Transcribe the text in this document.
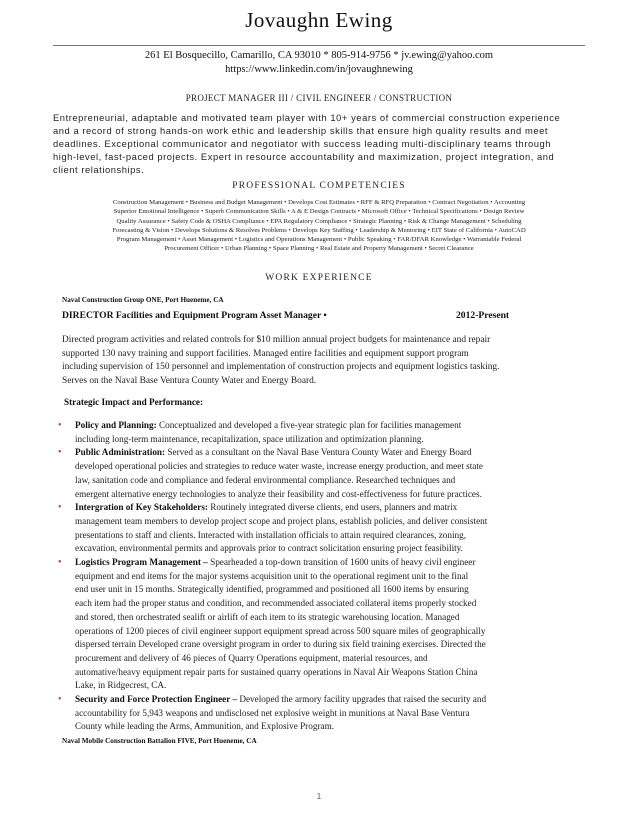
Jovaughn Ewing
261 El Bosquecillo, Camarillo, CA 93010 * 805-914-9756 * jv.ewing@yahoo.com
https://www.linkedin.com/in/jovaughnewing
PROJECT MANAGER III / CIVIL ENGINEER / CONSTRUCTION
Entrepreneurial, adaptable and motivated team player with 10+ years of commercial construction experience
and a record of strong hands-on work ethic and leadership skills that ensure high quality results and meet
deadlines. Exceptional communicator and negotiator with success leading multi-disciplinary teams through
high-level, fast-paced projects. Expert in resource accountability and maximization, project integration, and
client relationships.
PROFESSIONAL COMPETENCIES
Construction Management • Business and Budget Management • Develops Cost Estimates • RFF & RFQ Preparation • Contract Negotiation • Accounting
Superior Emotional Intelligence • Superb Communication Skills • A & E Design Contracts • Microsoft Office • Technical Specifications • Design Review
Quality Assurance • Safety Code & OSHA Compliance • EPA Regulatory Compliance • Strategic Planning • Risk & Change Management • Scheduling
Forecasting & Vision • Develops Solutions & Resolves Problems • Develops Key Staffing • Leadership & Mentoring • EIT State of California • AutoCAD
Program Management • Asset Management • Logistics and Operations Management • Public Speaking • FAR/DFAR Knowledge • Warrantable Federal
Procurement Officer • Urban Planning • Space Planning • Real Estate and Property Management • Secret Clearance
WORK EXPERIENCE
Naval Construction Group ONE, Port Hueneme, CA
DIRECTOR Facilities and Equipment Program Asset Manager •	2012-Present
Directed program activities and related controls for $10 million annual project budgets for maintenance and repair
supported 130 navy training and support facilities. Managed entire facilities and equipment support program
including supervision of 150 personnel and implementation of construction projects and equipment logistics tasking.
Serves on the Naval Base Ventura County Water and Energy Board.
Strategic Impact and Performance:
• Policy and Planning: Conceptualized and developed a five-year strategic plan for facilities management
including long-term maintenance, recapitalization, space utilization and optimization planning.
• Public Administration: Served as a consultant on the Naval Base Ventura County Water and Energy Board
developed operational policies and strategies to reduce water waste, increase energy production, and meet state
law, sanitation code and compliance and federal environmental compliance. Researched techniques and
emergent alternative energy technologies to analyze their feasibility and cost-effectiveness for future practices.
• Intergration of Key Stakeholders: Routinely integrated diverse clients, end users, planners and matrix
management team members to develop project scope and project plans, establish policies, and deliver consistent
presentations to staff and clients. Interacted with installation officials to attain required clearances, zoning,
excavation, environmental permits and approvals prior to contract solicitation ensuring project feasibility.
• Logistics Program Management – Spearheaded a top-down transition of 1600 units of heavy civil engineer
equipment and end items for the major systems acquisition unit to the operational regiment unit to the final
end user unit in 15 months. Strategically identified, programmed and positioned all 1600 items by ensuring
each item had the proper status and condition, and recommended associated collateral items properly stocked
and stored, then orchestrated sealift or airlift of each item to its strategic warehousing location. Managed
operations of 1200 pieces of civil engineer support equipment spread across 500 square miles of geographically
dispersed terrain Developed crane oversight program in order to during six field training exercises. Directed the
procurement and delivery of 46 pieces of Quarry Operations equipment, material resources, and
automative/heavy equipment repair parts for sustained quarry operations in Naval Air Weapons Station China
Lake, in Ridgecrest, CA.
• Security and Force Protection Engineer – Developed the armory facility upgrades that raised the security and
accountability for 5,943 weapons and undisclosed net explosive weight in munitions at Naval Base Ventura
County while leading the Arms, Ammunition, and Explosive Program.
Naval Mobile Construction Battalion FIVE, Port Hueneme, CA
1
